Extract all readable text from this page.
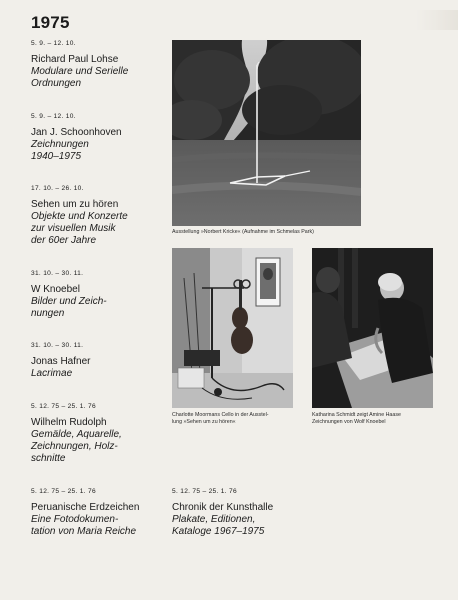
1975
5. 9. – 12. 10.
Richard Paul Lohse
Modulare und Serielle
Ordnungen
5. 9. – 12. 10.
Jan J. Schoonhoven
Zeichnungen
1940–1975
17. 10. – 26. 10.
Sehen um zu hören
Objekte und Konzerte
zur visuellen Musik
der 60er Jahre
31. 10. – 30. 11.
W Knoebel
Bilder und Zeich-
nungen
31. 10. – 30. 11.
Jonas Hafner
Lacrimae
5. 12. 75 – 25. 1. 76
Wilhelm Rudolph
Gemälde, Aquarelle,
Zeichnungen, Holz-
schnitte
5. 12. 75 – 25. 1. 76
Peruanische Erdzeichen
Eine Fotodokumen-
tation von Maria Reiche
5. 12. 75 – 25. 1. 76
Chronik der Kunsthalle
Plakate, Editionen,
Kataloge 1967–1975
Ausstellung »Norbert Kricke« (Aufnahme im Schmelas Park)
Charlotte Moormans Cello in der Ausstel-
lung »Sehen um zu hören«
Katharina Schmidt zeigt Amine Haase
Zeichnungen von Wolf Knoebel
